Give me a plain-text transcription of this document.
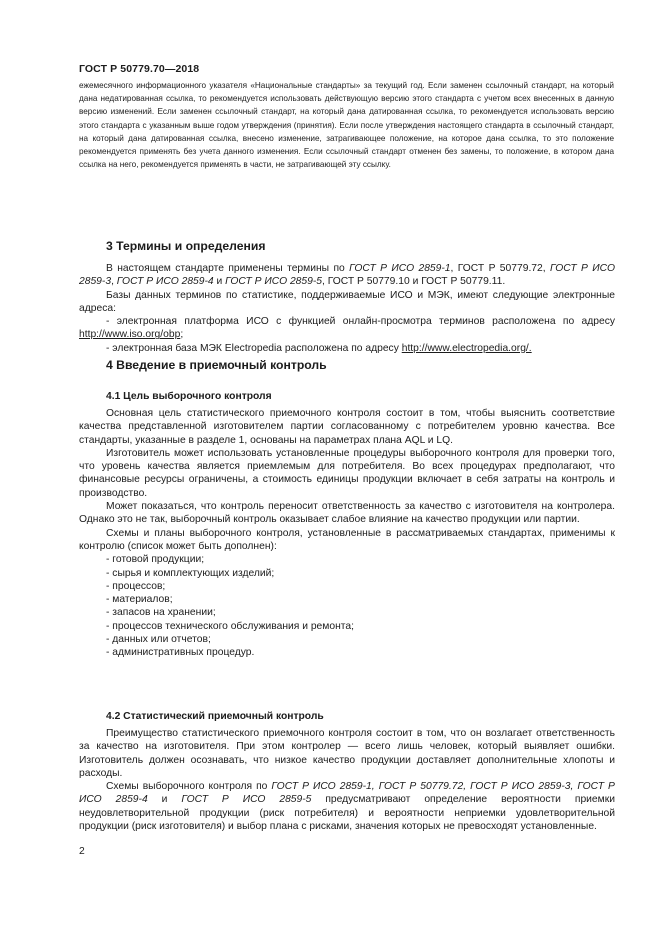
ГОСТ Р 50779.70—2018
ежемесячного информационного указателя «Национальные стандарты» за текущий год. Если заменен ссылочный стандарт, на который дана недатированная ссылка, то рекомендуется использовать действующую версию этого стандарта с учетом всех внесенных в данную версию изменений. Если заменен ссылочный стандарт, на который дана датированная ссылка, то рекомендуется использовать версию этого стандарта с указанным выше годом утверждения (принятия). Если после утверждения настоящего стандарта в ссылочный стандарт, на который дана датированная ссылка, внесено изменение, затрагивающее положение, на которое дана ссылка, то это положение рекомендуется применять без учета данного изменения. Если ссылочный стандарт отменен без замены, то положение, в котором дана ссылка на него, рекомендуется применять в части, не затрагивающей эту ссылку.
3 Термины и определения
В настоящем стандарте применены термины по ГОСТ Р ИСО 2859-1, ГОСТ Р 50779.72, ГОСТ Р ИСО 2859-3, ГОСТ Р ИСО 2859-4 и ГОСТ Р ИСО 2859-5, ГОСТ Р 50779.10 и ГОСТ Р 50779.11.
Базы данных терминов по статистике, поддерживаемые ИСО и МЭК, имеют следующие электронные адреса:
- электронная платформа ИСО с функцией онлайн-просмотра терминов расположена по адресу http://www.iso.org/obp;
- электронная база МЭК Electropedia расположена по адресу http://www.electropedia.org/.
4 Введение в приемочный контроль
4.1 Цель выборочного контроля
Основная цель статистического приемочного контроля состоит в том, чтобы выяснить соответствие качества представленной изготовителем партии согласованному с потребителем уровню качества. Все стандарты, указанные в разделе 1, основаны на параметрах плана AQL и LQ.
Изготовитель может использовать установленные процедуры выборочного контроля для проверки того, что уровень качества является приемлемым для потребителя. Во всех процедурах предполагают, что финансовые ресурсы ограничены, а стоимость единицы продукции включает в себя затраты на контроль и производство.
Может показаться, что контроль переносит ответственность за качество с изготовителя на контролера. Однако это не так, выборочный контроль оказывает слабое влияние на качество продукции или партии.
Схемы и планы выборочного контроля, установленные в рассматриваемых стандартах, применимы к контролю (список может быть дополнен):
- готовой продукции;
- сырья и комплектующих изделий;
- процессов;
- материалов;
- запасов на хранении;
- процессов технического обслуживания и ремонта;
- данных или отчетов;
- административных процедур.
4.2 Статистический приемочный контроль
Преимущество статистического приемочного контроля состоит в том, что он возлагает ответственность за качество на изготовителя. При этом контролер — всего лишь человек, который выявляет ошибки. Изготовитель должен осознавать, что низкое качество продукции доставляет дополнительные хлопоты и расходы.
Схемы выборочного контроля по ГОСТ Р ИСО 2859-1, ГОСТ Р 50779.72, ГОСТ Р ИСО 2859-3, ГОСТ Р ИСО 2859-4 и ГОСТ Р ИСО 2859-5 предусматривают определение вероятности приемки неудовлетворительной продукции (риск потребителя) и вероятности неприемки удовлетворительной продукции (риск изготовителя) и выбор плана с рисками, значения которых не превосходят установленные.
2
